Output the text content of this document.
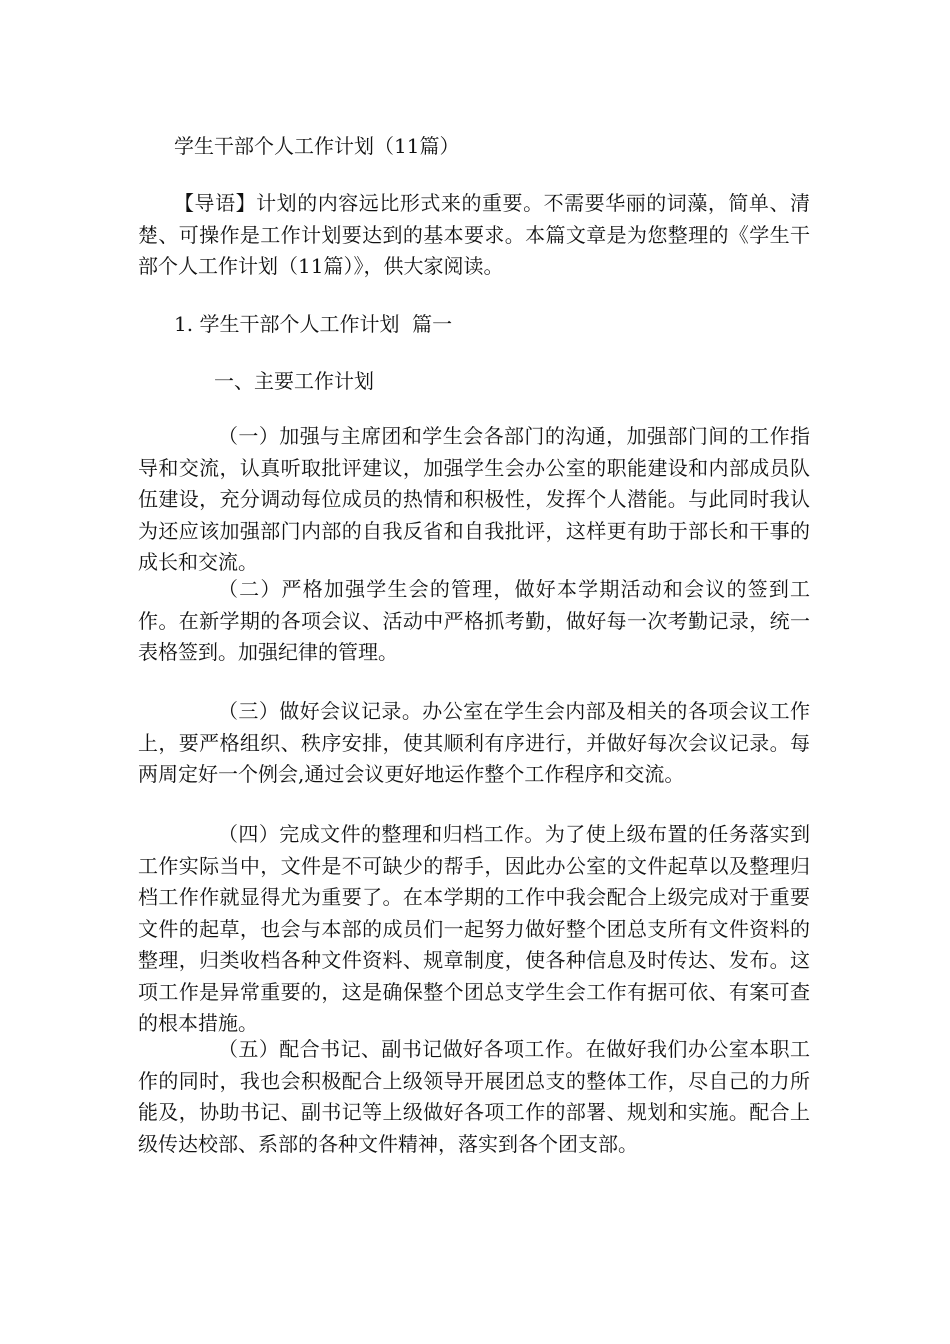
学生干部个人工作计划（11篇）
【导语】计划的内容远比形式来的重要。不需要华丽的词藻，简单、清楚、可操作是工作计划要达到的基本要求。本篇文章是为您整理的《学生干部个人工作计划（11篇）》，供大家阅读。
1. 学生干部个人工作计划  篇一
一、主要工作计划
（一）加强与主席团和学生会各部门的沟通，加强部门间的工作指导和交流，认真听取批评建议，加强学生会办公室的职能建设和内部成员队伍建设，充分调动每位成员的热情和积极性，发挥个人潜能。与此同时我认为还应该加强部门内部的自我反省和自我批评，这样更有助于部长和干事的成长和交流。
（二）严格加强学生会的管理，做好本学期活动和会议的签到工作。在新学期的各项会议、活动中严格抓考勤，做好每一次考勤记录，统一表格签到。加强纪律的管理。
（三）做好会议记录。办公室在学生会内部及相关的各项会议工作上，要严格组织、秩序安排，使其顺利有序进行，并做好每次会议记录。每两周定好一个例会,通过会议更好地运作整个工作程序和交流。
（四）完成文件的整理和归档工作。为了使上级布置的任务落实到工作实际当中，文件是不可缺少的帮手，因此办公室的文件起草以及整理归档工作作就显得尤为重要了。在本学期的工作中我会配合上级完成对于重要文件的起草，也会与本部的成员们一起努力做好整个团总支所有文件资料的整理，归类收档各种文件资料、规章制度，使各种信息及时传达、发布。这项工作是异常重要的，这是确保整个团总支学生会工作有据可依、有案可查的根本措施。
（五）配合书记、副书记做好各项工作。在做好我们办公室本职工作的同时，我也会积极配合上级领导开展团总支的整体工作，尽自己的力所能及，协助书记、副书记等上级做好各项工作的部署、规划和实施。配合上级传达校部、系部的各种文件精神，落实到各个团支部。
